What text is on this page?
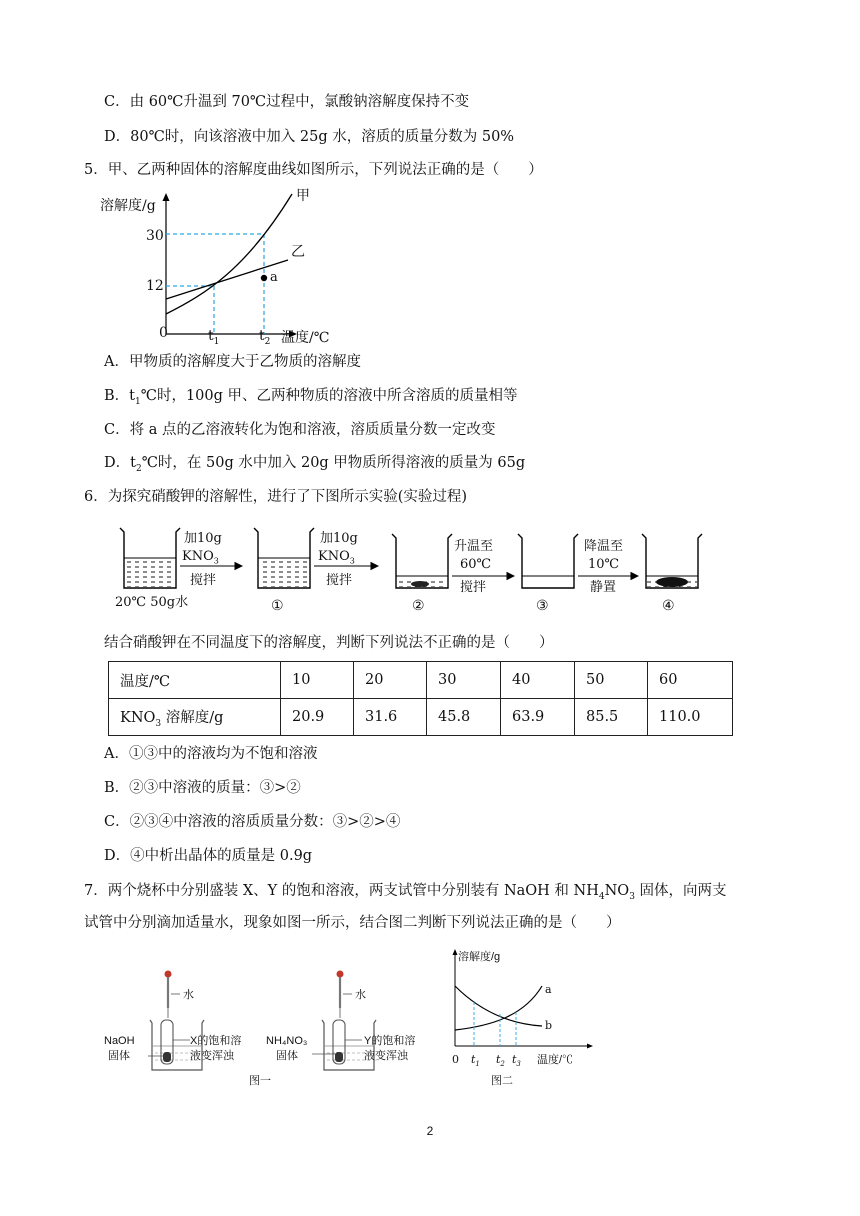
C．由 60℃升温到 70℃过程中，氯酸钠溶解度保持不变
D．80℃时，向该溶液中加入 25g 水，溶质的质量分数为 50%
5．甲、乙两种固体的溶解度曲线如图所示，下列说法正确的是（　　）
溶解度/g
30
12
0	$t_1$	$t_2$ 温度/℃
甲
乙
a
A．甲物质的溶解度大于乙物质的溶解度
B．$t_1℃$时，100g 甲、乙两种物质的溶液中所含溶质的质量相等
C．将 a 点的乙溶液转化为饱和溶液，溶质质量分数一定改变
D．$t_2℃$时，在 50g 水中加入 20g 甲物质所得溶液的质量为 65g
6．为探究硝酸钾的溶解性，进行了下图所示实验(实验过程)
20℃ 50g水
加10g
$KNO_3$
搅拌
加10g
$KNO_3$
搅拌
升温至
60℃
搅拌
降温至
10℃
静置
①	②	③	④
结合硝酸钾在不同温度下的溶解度，判断下列说法不正确的是（　　）
温度/℃	10	20	30	40	50	60
$KNO_3$ 溶解度/g	20.9	31.6	45.8	63.9	85.5	110.0
A．①③中的溶液均为不饱和溶液
B．②③中溶液的质量：③>②
C．②③④中溶液的溶质质量分数：③>②>④
D．④中析出晶体的质量是 0.9g
7．两个烧杯中分别盛装 X、Y 的饱和溶液，两支试管中分别装有 NaOH 和 $NH_4NO_3$ 固体，向两支
试管中分别滴加适量水，现象如图一所示，结合图二判断下列说法正确的是（　　）
水	水
NaOH
固体
X的饱和溶
液变浑浊
NH₄NO₃
固体
Y的饱和溶
液变浑浊
图一
溶解度/g
a
b
0 $t_1$ $t_2$ $t_3$ 温度/℃
图二
2
